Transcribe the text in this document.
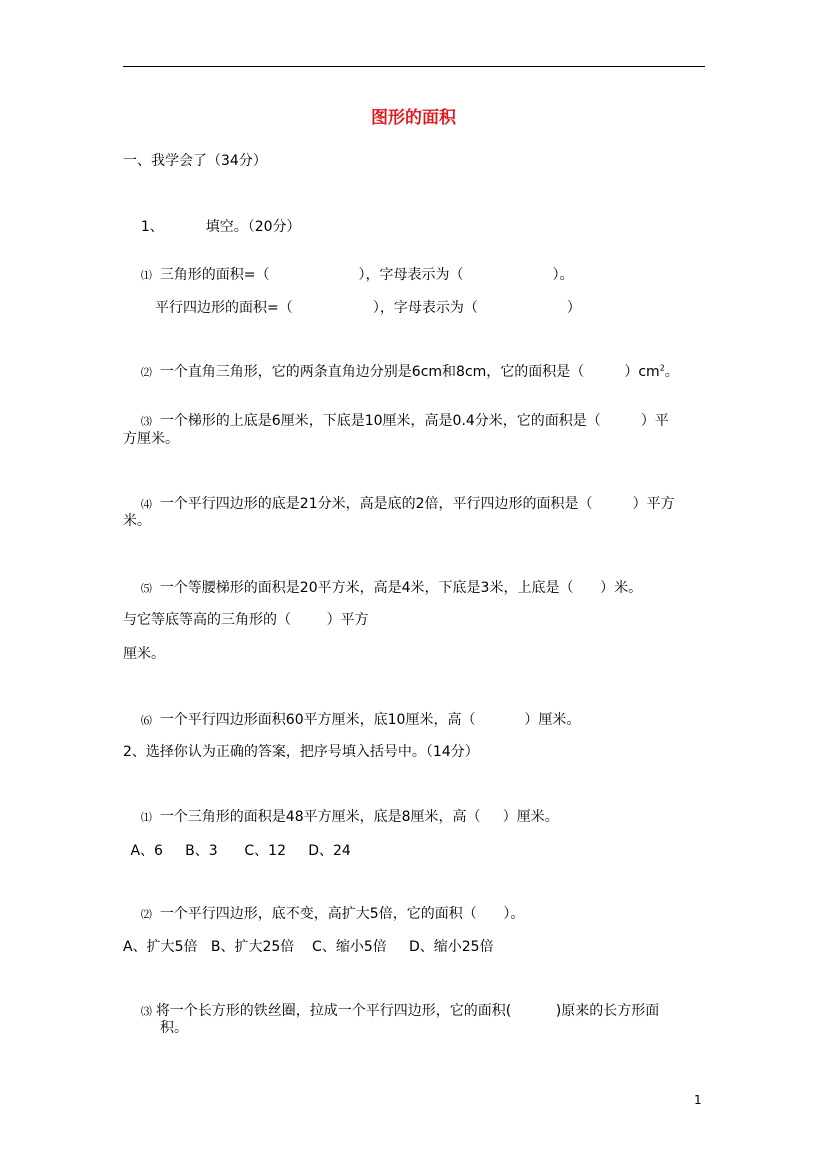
图形的面积
一、我学会了（34分）

1、	填空。（20分）

⑴ 三角形的面积=（                    ），字母表示为（                    ）。

平行四边形的面积=（                  ），字母表示为（                    ）

⑵ 一个直角三角形，它的两条直角边分别是6cm和8cm，它的面积是（         ）$cm^2$。

⑶ 一个梯形的上底是6厘米，下底是10厘米，高是0.4分米，它的面积是（         ）平

方厘米。

⑷ 一个平行四边形的底是21分米，高是底的2倍，平行四边形的面积是（         ）平方

米。

⑸ 一个等腰梯形的面积是20平方米，高是4米，下底是3米，上底是（      ）米。

与它等底等高的三角形的（        ）平方
厘米。

⑹ 一个平行四边形面积60平方厘米，底10厘米，高（           ）厘米。

2、选择你认为正确的答案，把序号填入括号中。（14分）

⑴ 一个三角形的面积是48平方厘米，底是8厘米，高（     ）厘米。

A、6     B、3      C、12     D、24

⑵ 一个平行四边形，底不变，高扩大5倍，它的面积（      ）。

A、扩大5倍   B、扩大25倍    C、缩小5倍     D、缩小25倍

⑶ 将一个长方形的铁丝圈，拉成一个平行四边形，它的面积(          )原来的长方形面

积。
1
